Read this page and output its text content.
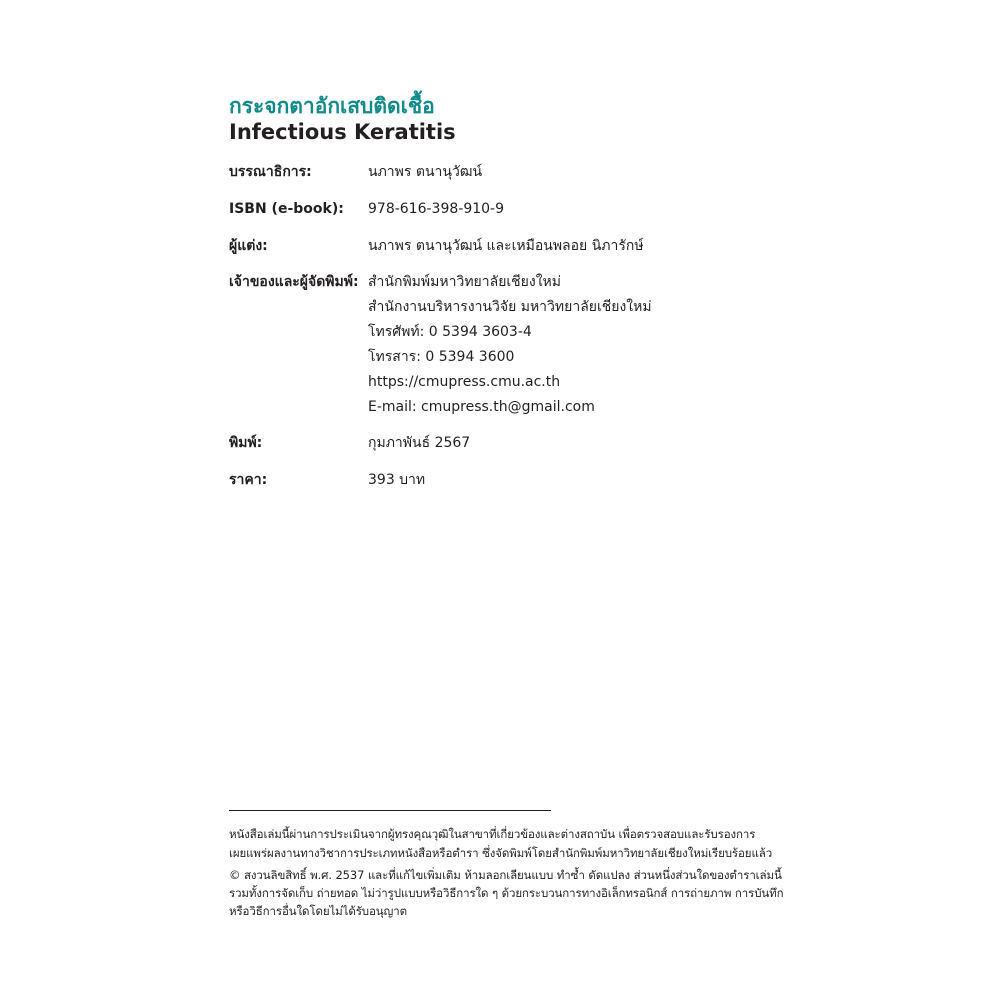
กระจกตาอักเสบติดเชื้อ
Infectious Keratitis
บรรณาธิการ:	นภาพร ตนานุวัฒน์
ISBN (e-book): 978-616-398-910-9
ผู้แต่ง:	นภาพร ตนานุวัฒน์ และเหมือนพลอย นิภารักษ์
เจ้าของและผู้จัดพิมพ์: สำนักพิมพ์มหาวิทยาลัยเชียงใหม่
สำนักงานบริหารงานวิจัย มหาวิทยาลัยเชียงใหม่
โทรศัพท์: 0 5394 3603-4
โทรสาร: 0 5394 3600
https://cmupress.cmu.ac.th
E-mail: cmupress.th@gmail.com
พิมพ์:	กุมภาพันธ์ 2567
ราคา:	393 บาท
หนังสือเล่มนี้ผ่านการประเมินจากผู้ทรงคุณวุฒิในสาขาที่เกี่ยวข้องและต่างสถาบัน เพื่อตรวจสอบและรับรองการ
เผยแพร่ผลงานทางวิชาการประเภทหนังสือหรือตำรา ซึ่งจัดพิมพ์โดยสำนักพิมพ์มหาวิทยาลัยเชียงใหม่เรียบร้อยแล้ว
© สงวนลิขสิทธิ์ พ.ศ. 2537 และที่แก้ไขเพิ่มเติม ห้ามลอกเลียนแบบ ทำซ้ำ ดัดแปลง ส่วนหนึ่งส่วนใดของตำราเล่มนี้
รวมทั้งการจัดเก็บ ถ่ายทอด ไม่ว่ารูปแบบหรือวิธีการใด ๆ ด้วยกระบวนการทางอิเล็กทรอนิกส์ การถ่ายภาพ การบันทึก
หรือวิธีการอื่นใดโดยไม่ได้รับอนุญาต
